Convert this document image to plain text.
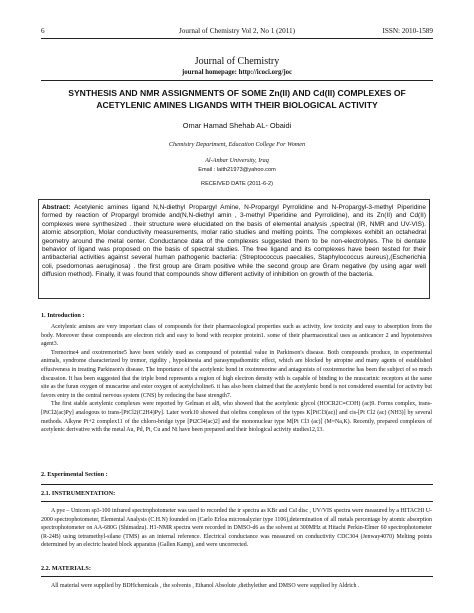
6	Journal of Chemistry Vol 2, No 1 (2011)	ISSN: 2010-1589
Journal of Chemistry
journal homepage: http://icoci.org/joc
SYNTHESIS AND NMR ASSIGNMENTS OF SOME Zn(II) AND Cd(II) COMPLEXES OF ACETYLENIC AMINES LIGANDS WITH THEIR BIOLOGICAL ACTIVITY
Omar Hamad Shehab AL- Obaidi
Chemistry Department, Education College For Women
Al-Anbar University, Iraq
Email : laith21973@yahoo.com
RECEIVED DATE (2011-6-2)
Abstract: Acetylenic amines ligand N,N-diethyl Propargyl Amine, N-Propargyl Pyrrolidine and N-Propargyl-3-methyl Piperidine formed by reaction of Propargyl bromide and(N,N-diethyl amin , 3-methyl Piperidine and Pyrrolidine), and its Zn(II) and Cd(II) complexes were synthesized . their structure were elucidated on the basis of elemental analysis ,spectral (IR, NMR and UV-VIS). atomic absorption, Molar conductivity measurements, molar ratio studies and melting points. The complexes exhibit an octahedral geometry around the metal center. Conductance data of the complexes suggested them to be non-electrolytes. The bi dentate behavior of ligand was proposed on the basis of spectral studies. The free ligand and its complexes have been tested for their antibacterial activities against several human pathogenic bacteria: (Streptococcus paecalies, Staphylococcus aureus),(Escherichia coli, psedomonas aeruginosa) . the first group are Gram positive while the second group are Gram negative (by using agar well diffusion method). Finally, it was found that compounds show different activity of inhibition on growth of the bacteria.
1. Introduction :

Acetylenic amines are very important class of compounds for their pharmacological properties such as activity, low toxicity and easy to absorption from the body. Moreover these compounds are electron rich and easy to bond with receptor protein1. some of their pharmaceutical uses as anticancer 2 and hypotensives agent3.

Tremorine4 and oxotremorine5 have been widely used as compound of potential value in Parkinson's disease. Both compounds produce, in experimental animals, syndrome characterized by tremor, rigidity , hypokinesia and parasympathomitic effect, which are blocked by atropine and many agents of established effusiveness in treating Parkinson's disease. The importance of the acetylenic bond in oxotremorine and antagonists of oxotremorine has been the subject of so much discussion. It has been suggested that the triple bond represents a region of high electron density with is capable of binding to the muscarinic receptors at the same site as the furan oxygen of muscarine and ester oxygen of acetylcholine6. it has also been claimed that the acetylenic bond is not considered essential for activity but favors entry in the central nervous system (CNS) by reducing the base strength7.

The first stable acetylenic complexes were reported by Gelman et al8, who showed that the acetylenic glycol (HOCR2C≡COH) (ac)9. Forms complex, trans-[PtCl2(ac)Py] analogous to trans-[PtCl2(C2H4)Py]. Later work10 showed that olefins complexes of the types K[PtCl3(ac)] and cis-[Pt Cl2 (ac) (NH3)] by several methods. Alkyne Pt+2 complex11 of the chloro-bridge type [Pt2Cl4(ac)2] and the mononuclear type M[Pt Cl3 (ac)] (M=Na,K). Recently, prepared complexes of acetylenic derivative with the metal Au, Pd, Pt, Cu and Ni have been prepared and their biological activity studies12,13.

2. Experimental Section :
2.1. INSTRUMENTATION:

A pye – Unicom sp3-100 infrared spectrophotometer was used to recorded the ir spectra as KBr and CsI disc , UV/VIS spectra were measured by a HITACHI U-2000 spectrophotometer, Elemental Analysis (C.H.N) founded on (Carlo Erloa micronalyzier type 1106),determination of all metals percentage by atomic absorption spectrophotometer on AA-680G (Shimadzu). H1-NMR spectra were recorded in DMSO-d6 as the solvent at 300MHz at Hitachi Perkin-Elmer 60 spectrophotometer (R-24B) using tetramethyl-silane (TMS) as an internal reference. Electrical conductance was measured on conductivity CDC304 (Jenway4070) Melting points determined by an electric heated block apparatus (Gallen Kamp), and were uncorrected.

2.2. MATERIALS:

All material were supplied by BDHchemicals , the solvents , Ethanol Absolute ,diethylether and DMSO were supplied by Aldrich .
